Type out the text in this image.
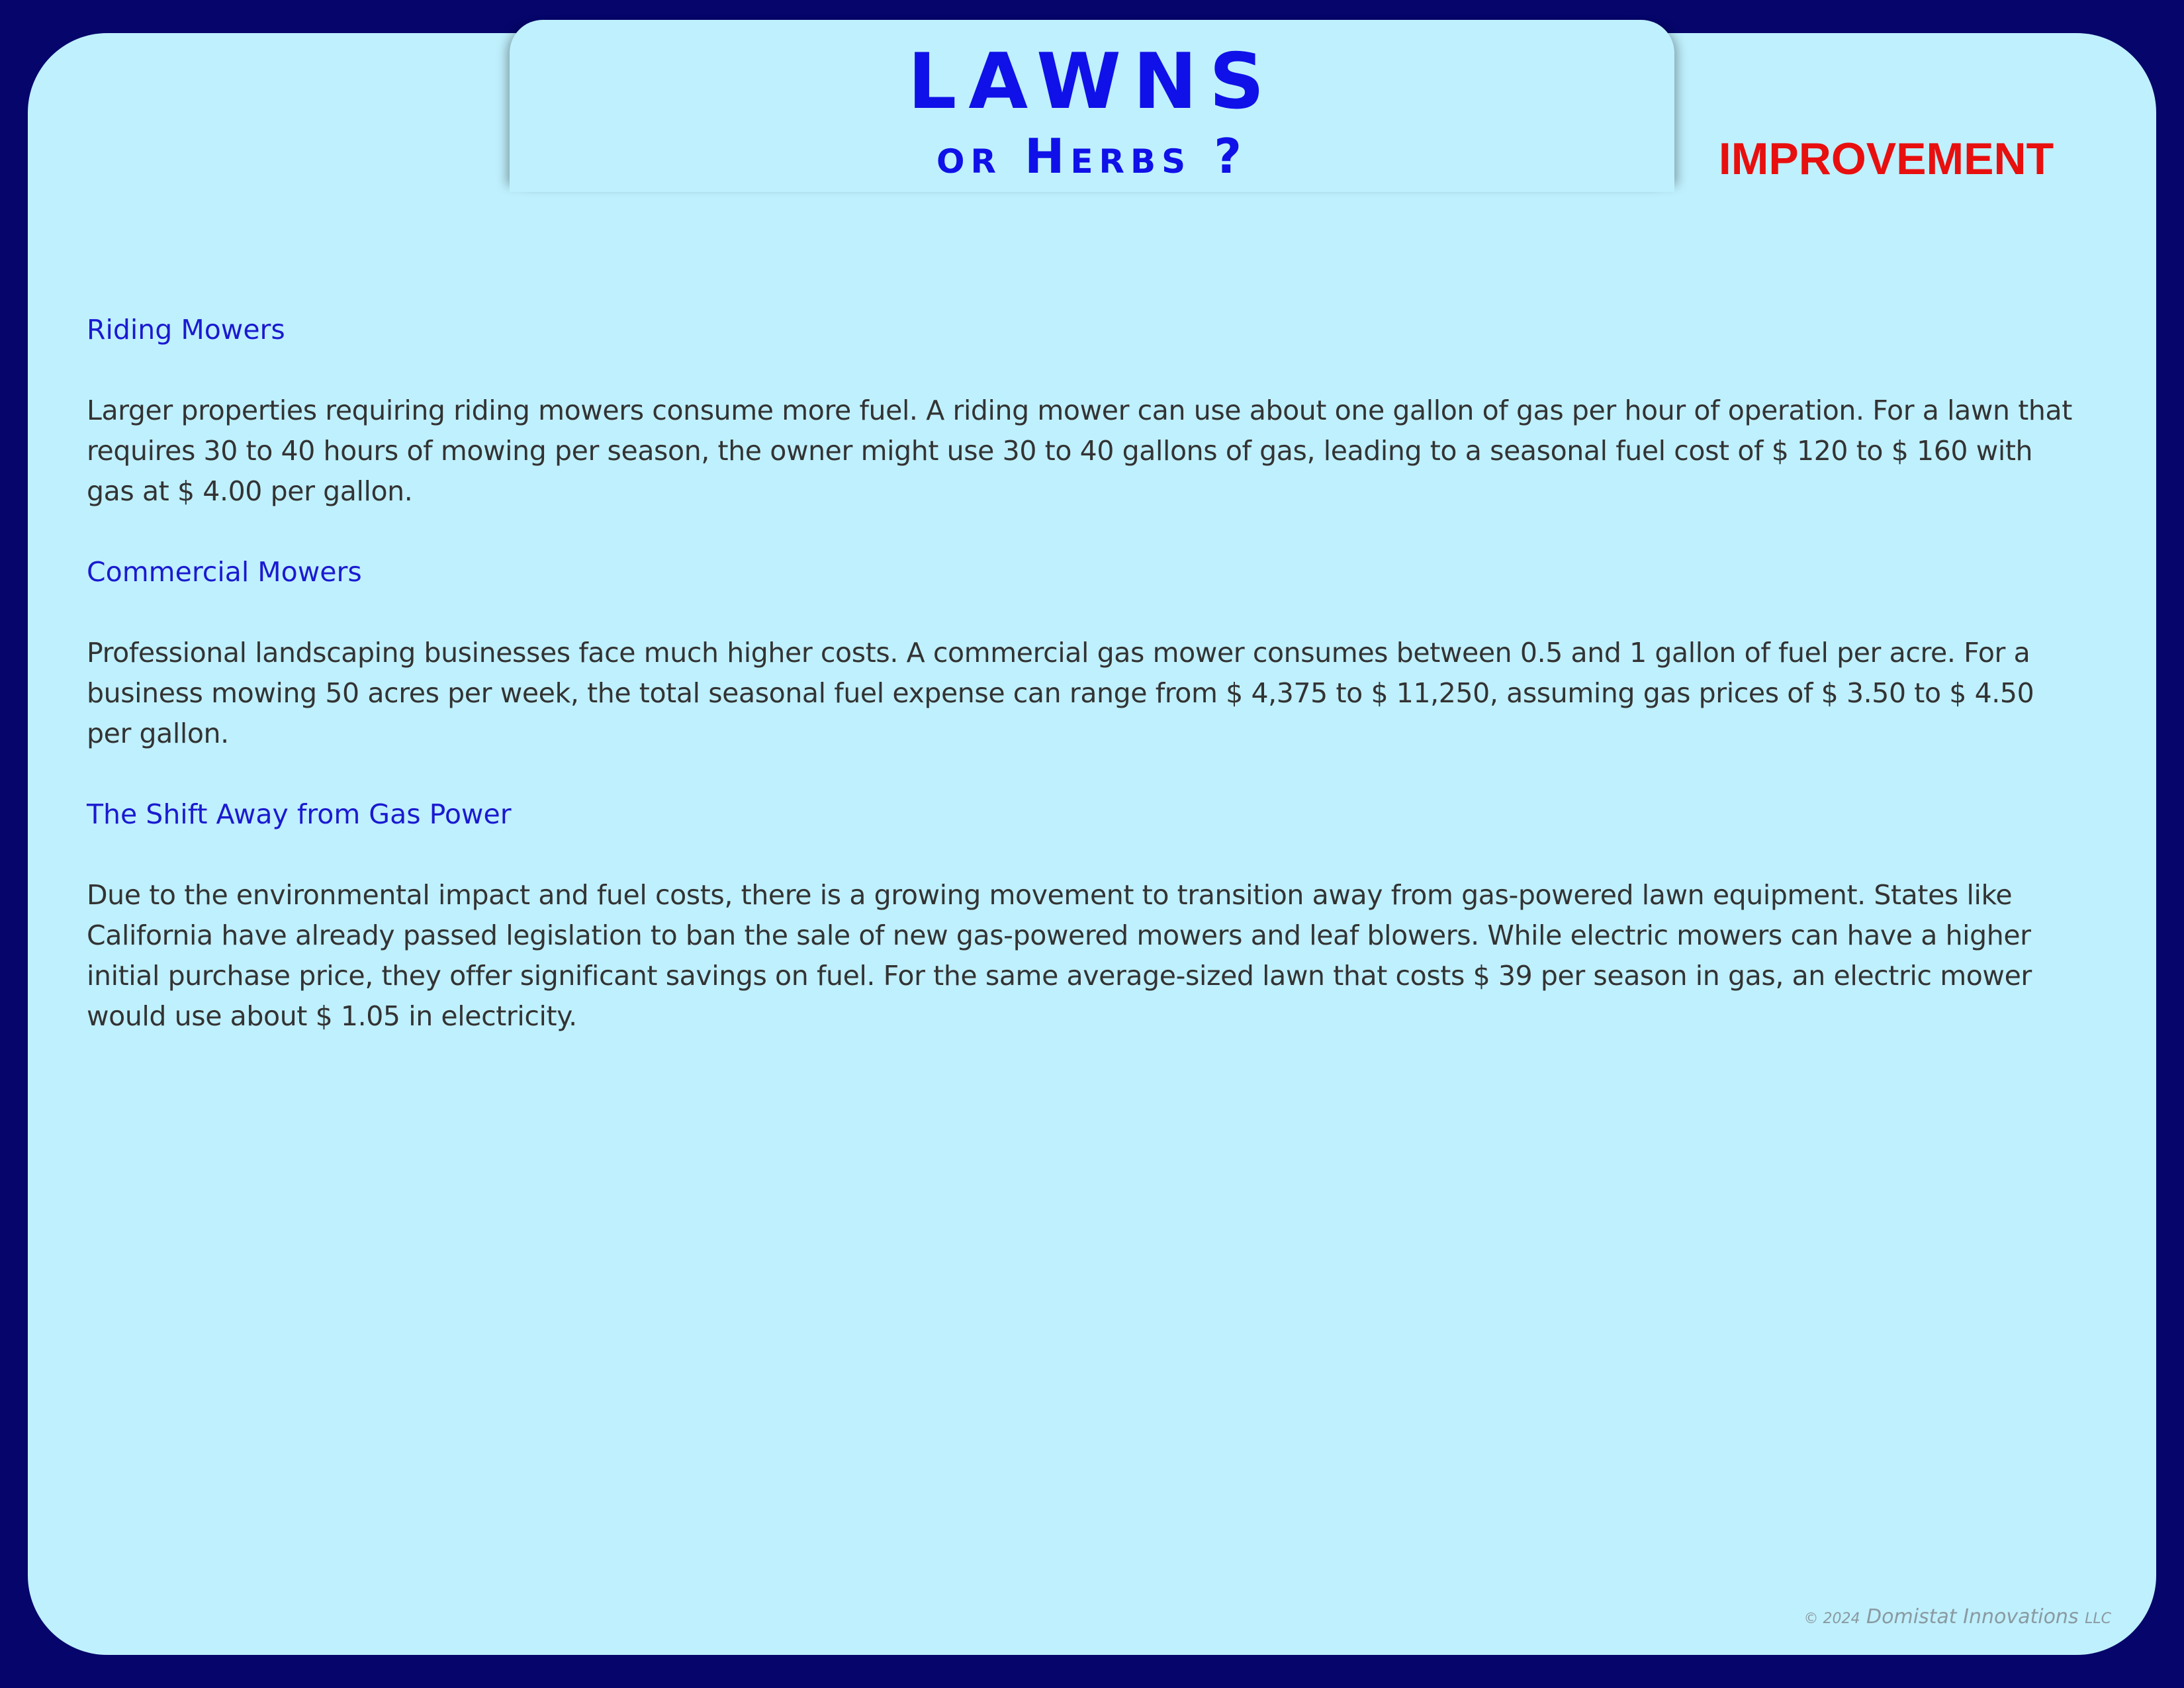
LAWNS
or Herbs ?	IMPROVEMENT
Riding Mowers

Larger properties requiring riding mowers consume more fuel. A riding mower can use about one gallon of gas per hour of operation. For a lawn that requires 30 to 40 hours of mowing per season, the owner might use 30 to 40 gallons of gas, leading to a seasonal fuel cost of $ 120 to $ 160 with gas at $ 4.00 per gallon.

Commercial Mowers

Professional landscaping businesses face much higher costs. A commercial gas mower consumes between 0.5 and 1 gallon of fuel per acre. For a business mowing 50 acres per week, the total seasonal fuel expense can range from $ 4,375 to $ 11,250, assuming gas prices of $ 3.50 to $ 4.50 per gallon.

The Shift Away from Gas Power

Due to the environmental impact and fuel costs, there is a growing movement to transition away from gas-powered lawn equipment. States like California have already passed legislation to ban the sale of new gas-powered mowers and leaf blowers. While electric mowers can have a higher initial purchase price, they offer significant savings on fuel. For the same average-sized lawn that costs $ 39 per season in gas, an electric mower would use about $ 1.05 in electricity.

© 2024 Domistat Innovations LLC
